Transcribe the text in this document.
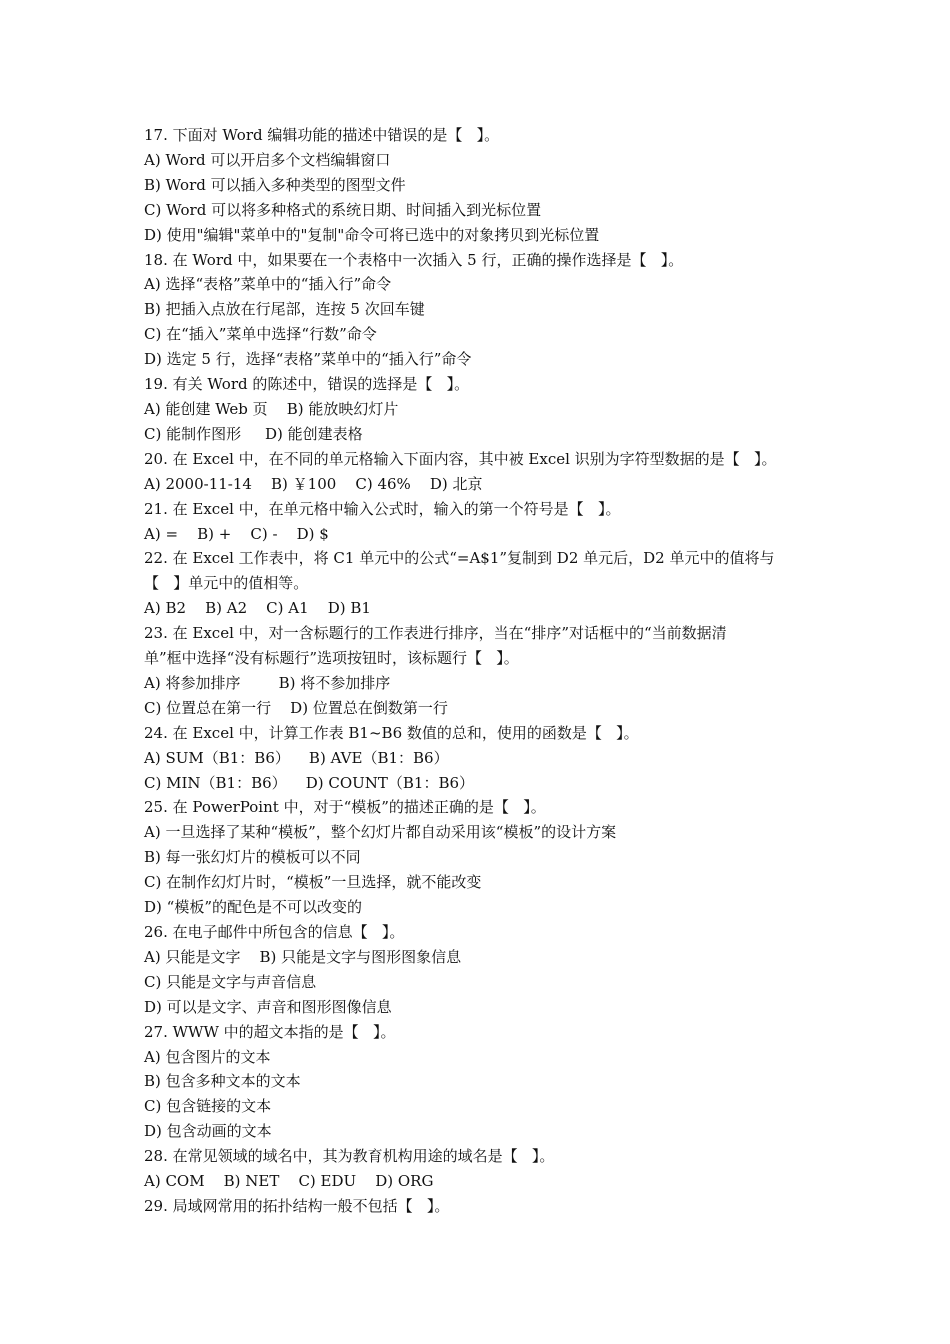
17. 下面对 Word 编辑功能的描述中错误的是【   】。

A) Word 可以开启多个文档编辑窗口

B) Word 可以插入多种类型的图型文件

C) Word 可以将多种格式的系统日期、时间插入到光标位置

D) 使用"编辑"菜单中的"复制"命令可将已选中的对象拷贝到光标位置

18. 在 Word 中，如果要在一个表格中一次插入 5 行，正确的操作选择是【   】。

A) 选择“表格”菜单中的“插入行”命令

B) 把插入点放在行尾部，连按 5 次回车键

C) 在“插入”菜单中选择“行数”命令

D) 选定 5 行，选择“表格”菜单中的“插入行”命令

19. 有关 Word 的陈述中，错误的选择是【   】。

A) 能创建 Web 页    B) 能放映幻灯片

C) 能制作图形     D) 能创建表格

20. 在 Excel 中，在不同的单元格输入下面内容，其中被 Excel 识别为字符型数据的是【   】。

A) 2000-11-14    B) ￥100    C) 46%    D) 北京

21. 在 Excel 中，在单元格中输入公式时，输入的第一个符号是【   】。

A) =    B) +    C) -    D) $

22. 在 Excel 工作表中，将 C1 单元中的公式“=A$1”复制到 D2 单元后，D2 单元中的值将与

【   】单元中的值相等。

A) B2    B) A2    C) A1    D) B1

23. 在 Excel 中，对一含标题行的工作表进行排序，当在“排序”对话框中的“当前数据清

单”框中选择“没有标题行”选项按钮时，该标题行【   】。

A) 将参加排序        B) 将不参加排序

C) 位置总在第一行    D) 位置总在倒数第一行

24. 在 Excel 中，计算工作表 B1~B6 数值的总和，使用的函数是【   】。

A) SUM（B1：B6）    B) AVE（B1：B6）

C) MIN（B1：B6）    D) COUNT（B1：B6）

25. 在 PowerPoint 中，对于“模板”的描述正确的是【   】。

A) 一旦选择了某种“模板”，整个幻灯片都自动采用该“模板”的设计方案

B) 每一张幻灯片的模板可以不同

C) 在制作幻灯片时，“模板”一旦选择，就不能改变

D) “模板”的配色是不可以改变的

26. 在电子邮件中所包含的信息【   】。

A) 只能是文字    B) 只能是文字与图形图象信息

C) 只能是文字与声音信息

D) 可以是文字、声音和图形图像信息

27. WWW 中的超文本指的是【   】。

A) 包含图片的文本

B) 包含多种文本的文本

C) 包含链接的文本

D) 包含动画的文本

28. 在常见领域的域名中，其为教育机构用途的域名是【   】。

A) COM    B) NET    C) EDU    D) ORG

29. 局域网常用的拓扑结构一般不包括【   】。
